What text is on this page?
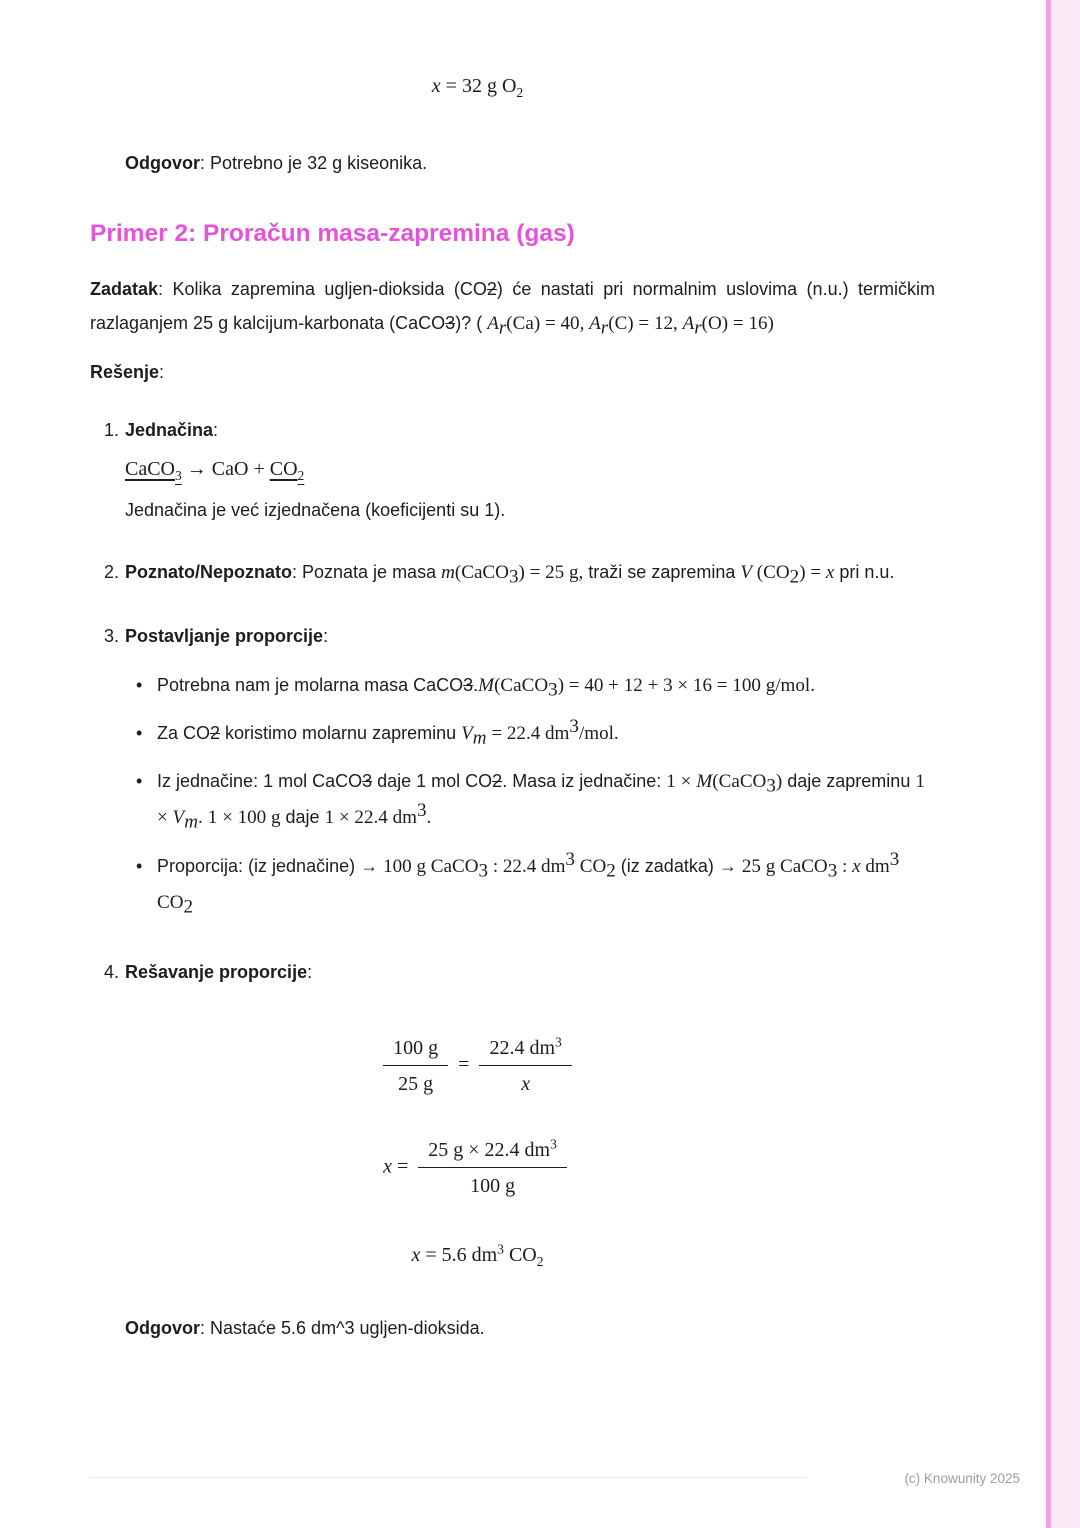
x = 32 g $O_2$
Odgovor: Potrebno je 32 g kiseonika.
Primer 2: Proračun masa-zapremina (gas)
Zadatak: Kolika zapremina ugljen-dioksida (CO2) će nastati pri normalnim uslovima (n.u.) termičkim razlaganjem 25 g kalcijum-karbonata (CaCO3)? ( $A_r(Ca) = 40$, $A_r(C) = 12$, $A_r(O) = 16$)
Rešenje:
1. Jednačina:
CaCO$_3$ → CaO + $CO_2$
Jednačina je već izjednačena (koeficijenti su 1).
2. Poznato/Nepoznato: Poznata je masa m(CaCO$_3$) = 25 g, traži se zapremina V $(CO_2) = x$ pri n.u.
3. Postavljanje proporcije:
• Potrebna nam je molarna masa CaCO3.M(CaCO$_3$) = 40 + 12 + 3 × 16 = 100 g/mol.
• Za CO2 koristimo molarnu zapreminu $V_m = 22.4$ $dm^3$/mol.
• Iz jednačine: 1 mol CaCO3 daje 1 mol CO2. Masa iz jednačine: 1 × M(CaCO$_3$) daje zapreminu $1 \times V_m$. 1 × 100 g daje 1 × 22.4 $dm^3$.
• Proporcija: (iz jednačine) → 100 g CaCO$_3$ : 22.4 $dm^3$ $CO_2$ (iz zadatka) → 25 g CaCO$_3$ : x $dm^3$ $CO_2$
4. Rešavanje proporcije:
$\frac{100 g}{25 g} = \frac{22.4 dm^3}{x}$
$x = \frac{25 g \times 22.4 dm^3}{100 g}$
x = 5.6 $dm^3$ $CO_2$
Odgovor: Nastaće 5.6 dm^3 ugljen-dioksida.
(c) Knowunity 2025
